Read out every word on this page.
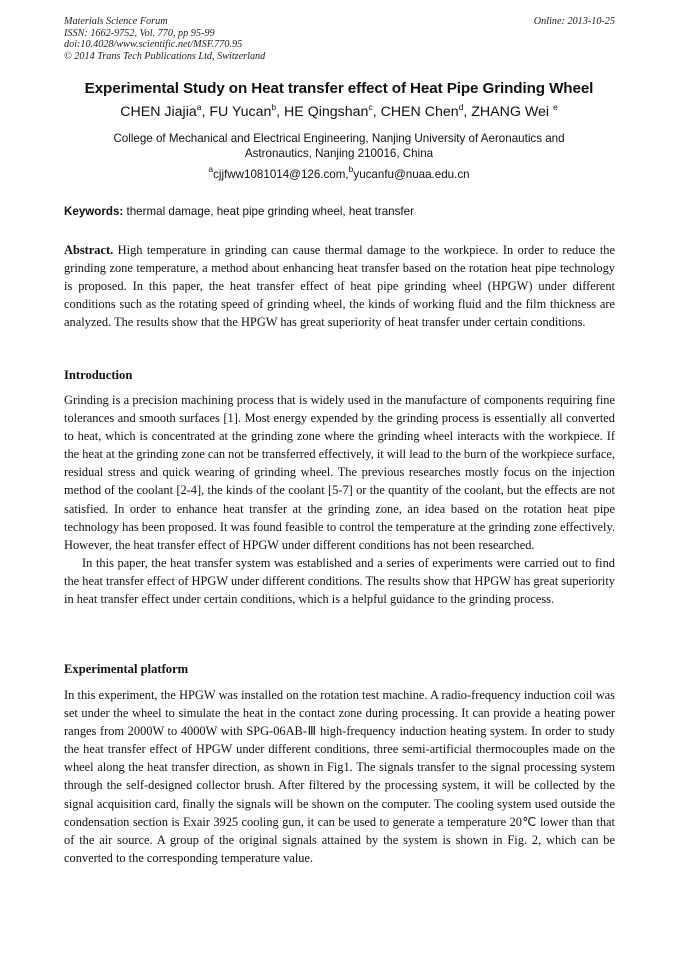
Materials Science Forum
ISSN: 1662-9752, Vol. 770, pp 95-99
doi:10.4028/www.scientific.net/MSF.770.95
© 2014 Trans Tech Publications Ltd, Switzerland
Online: 2013-10-25
Experimental Study on Heat transfer effect of Heat Pipe Grinding Wheel
CHEN Jiajia$^a$, FU Yucan$^b$, HE Qingshan$^c$, CHEN Chen$^d$, ZHANG Wei $^e$
College of Mechanical and Electrical Engineering, Nanjing University of Aeronautics and Astronautics, Nanjing 210016, China
$^a$cjjfww1081014@126.com,$^b$yucanfu@nuaa.edu.cn
Keywords: thermal damage, heat pipe grinding wheel, heat transfer
Abstract. High temperature in grinding can cause thermal damage to the workpiece. In order to reduce the grinding zone temperature, a method about enhancing heat transfer based on the rotation heat pipe technology is proposed. In this paper, the heat transfer effect of heat pipe grinding wheel (HPGW) under different conditions such as the rotating speed of grinding wheel, the kinds of working fluid and the film thickness are analyzed. The results show that the HPGW has great superiority of heat transfer under certain conditions.
Introduction

Grinding is a precision machining process that is widely used in the manufacture of components requiring fine tolerances and smooth surfaces [1]. Most energy expended by the grinding process is essentially all converted to heat, which is concentrated at the grinding zone where the grinding wheel interacts with the workpiece. If the heat at the grinding zone can not be transferred effectively, it will lead to the burn of the workpiece surface, residual stress and quick wearing of grinding wheel. The previous researches mostly focus on the injection method of the coolant [2-4], the kinds of the coolant [5-7] or the quantity of the coolant, but the effects are not satisfied. In order to enhance heat transfer at the grinding zone, an idea based on the rotation heat pipe technology has been proposed. It was found feasible to control the temperature at the grinding zone effectively. However, the heat transfer effect of HPGW under different conditions has not been researched.

In this paper, the heat transfer system was established and a series of experiments were carried out to find the heat transfer effect of HPGW under different conditions. The results show that HPGW has great superiority in heat transfer effect under certain conditions, which is a helpful guidance to the grinding process.

Experimental platform

In this experiment, the HPGW was installed on the rotation test machine. A radio-frequency induction coil was set under the wheel to simulate the heat in the contact zone during processing. It can provide a heating power ranges from 2000W to 4000W with SPG-06AB-Ⅲ high-frequency induction heating system. In order to study the heat transfer effect of HPGW under different conditions, three semi-artificial thermocouples made on the wheel along the heat transfer direction, as shown in Fig1. The signals transfer to the signal processing system through the self-designed collector brush. After filtered by the processing system, it will be collected by the signal acquisition card, finally the signals will be shown on the computer. The cooling system used outside the condensation section is Exair 3925 cooling gun, it can be used to generate a temperature 20℃ lower than that of the air source. A group of the original signals attained by the system is shown in Fig. 2, which can be converted to the corresponding temperature value.
